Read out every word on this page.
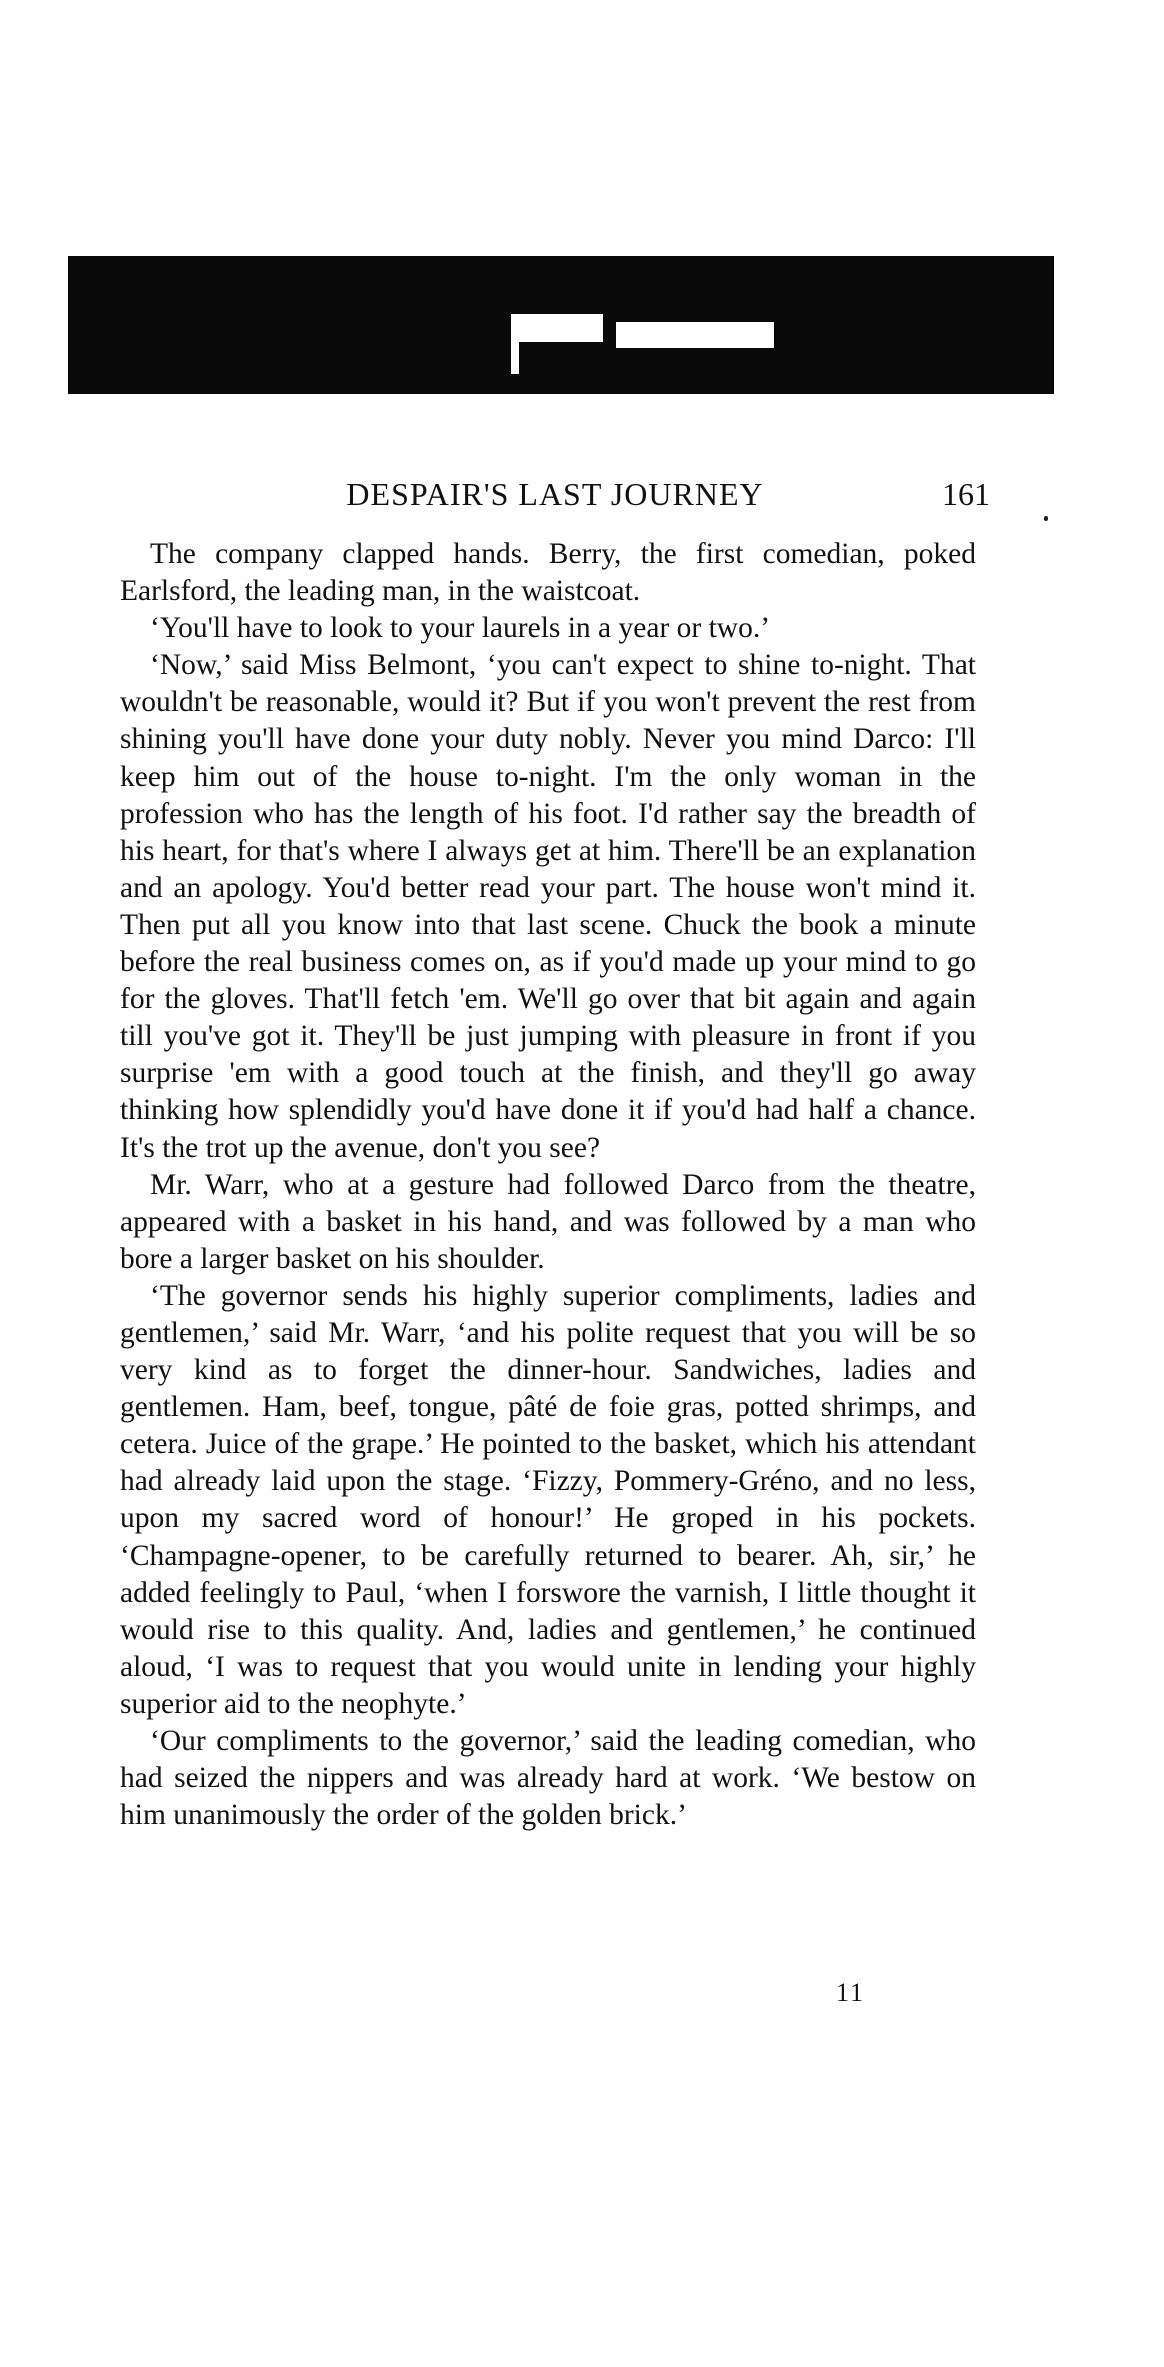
DESPAIR'S LAST JOURNEY	161

The company clapped hands. Berry, the first comedian, poked Earlsford, the leading man, in the waistcoat.

‘You'll have to look to your laurels in a year or two.’

‘Now,’ said Miss Belmont, ‘you can't expect to shine to-night. That wouldn't be reasonable, would it? But if you won't prevent the rest from shining you'll have done your duty nobly. Never you mind Darco: I'll keep him out of the house to-night. I'm the only woman in the profession who has the length of his foot. I'd rather say the breadth of his heart, for that's where I always get at him. There'll be an explanation and an apology. You'd better read your part. The house won't mind it. Then put all you know into that last scene. Chuck the book a minute before the real business comes on, as if you'd made up your mind to go for the gloves. That'll fetch 'em. We'll go over that bit again and again till you've got it. They'll be just jumping with pleasure in front if you surprise 'em with a good touch at the finish, and they'll go away thinking how splendidly you'd have done it if you'd had half a chance. It's the trot up the avenue, don't you see?

Mr. Warr, who at a gesture had followed Darco from the theatre, appeared with a basket in his hand, and was followed by a man who bore a larger basket on his shoulder.

‘The governor sends his highly superior compliments, ladies and gentlemen,’ said Mr. Warr, ‘and his polite request that you will be so very kind as to forget the dinner-hour. Sandwiches, ladies and gentlemen. Ham, beef, tongue, pâté de foie gras, potted shrimps, and cetera. Juice of the grape.’ He pointed to the basket, which his attendant had already laid upon the stage. ‘Fizzy, Pommery-Gréno, and no less, upon my sacred word of honour!’ He groped in his pockets. ‘Champagne-opener, to be carefully returned to bearer. Ah, sir,’ he added feelingly to Paul, ‘when I forswore the varnish, I little thought it would rise to this quality. And, ladies and gentlemen,’ he continued aloud, ‘I was to request that you would unite in lending your highly superior aid to the neophyte.’

‘Our compliments to the governor,’ said the leading comedian, who had seized the nippers and was already hard at work. ‘We bestow on him unanimously the order of the golden brick.’

11
